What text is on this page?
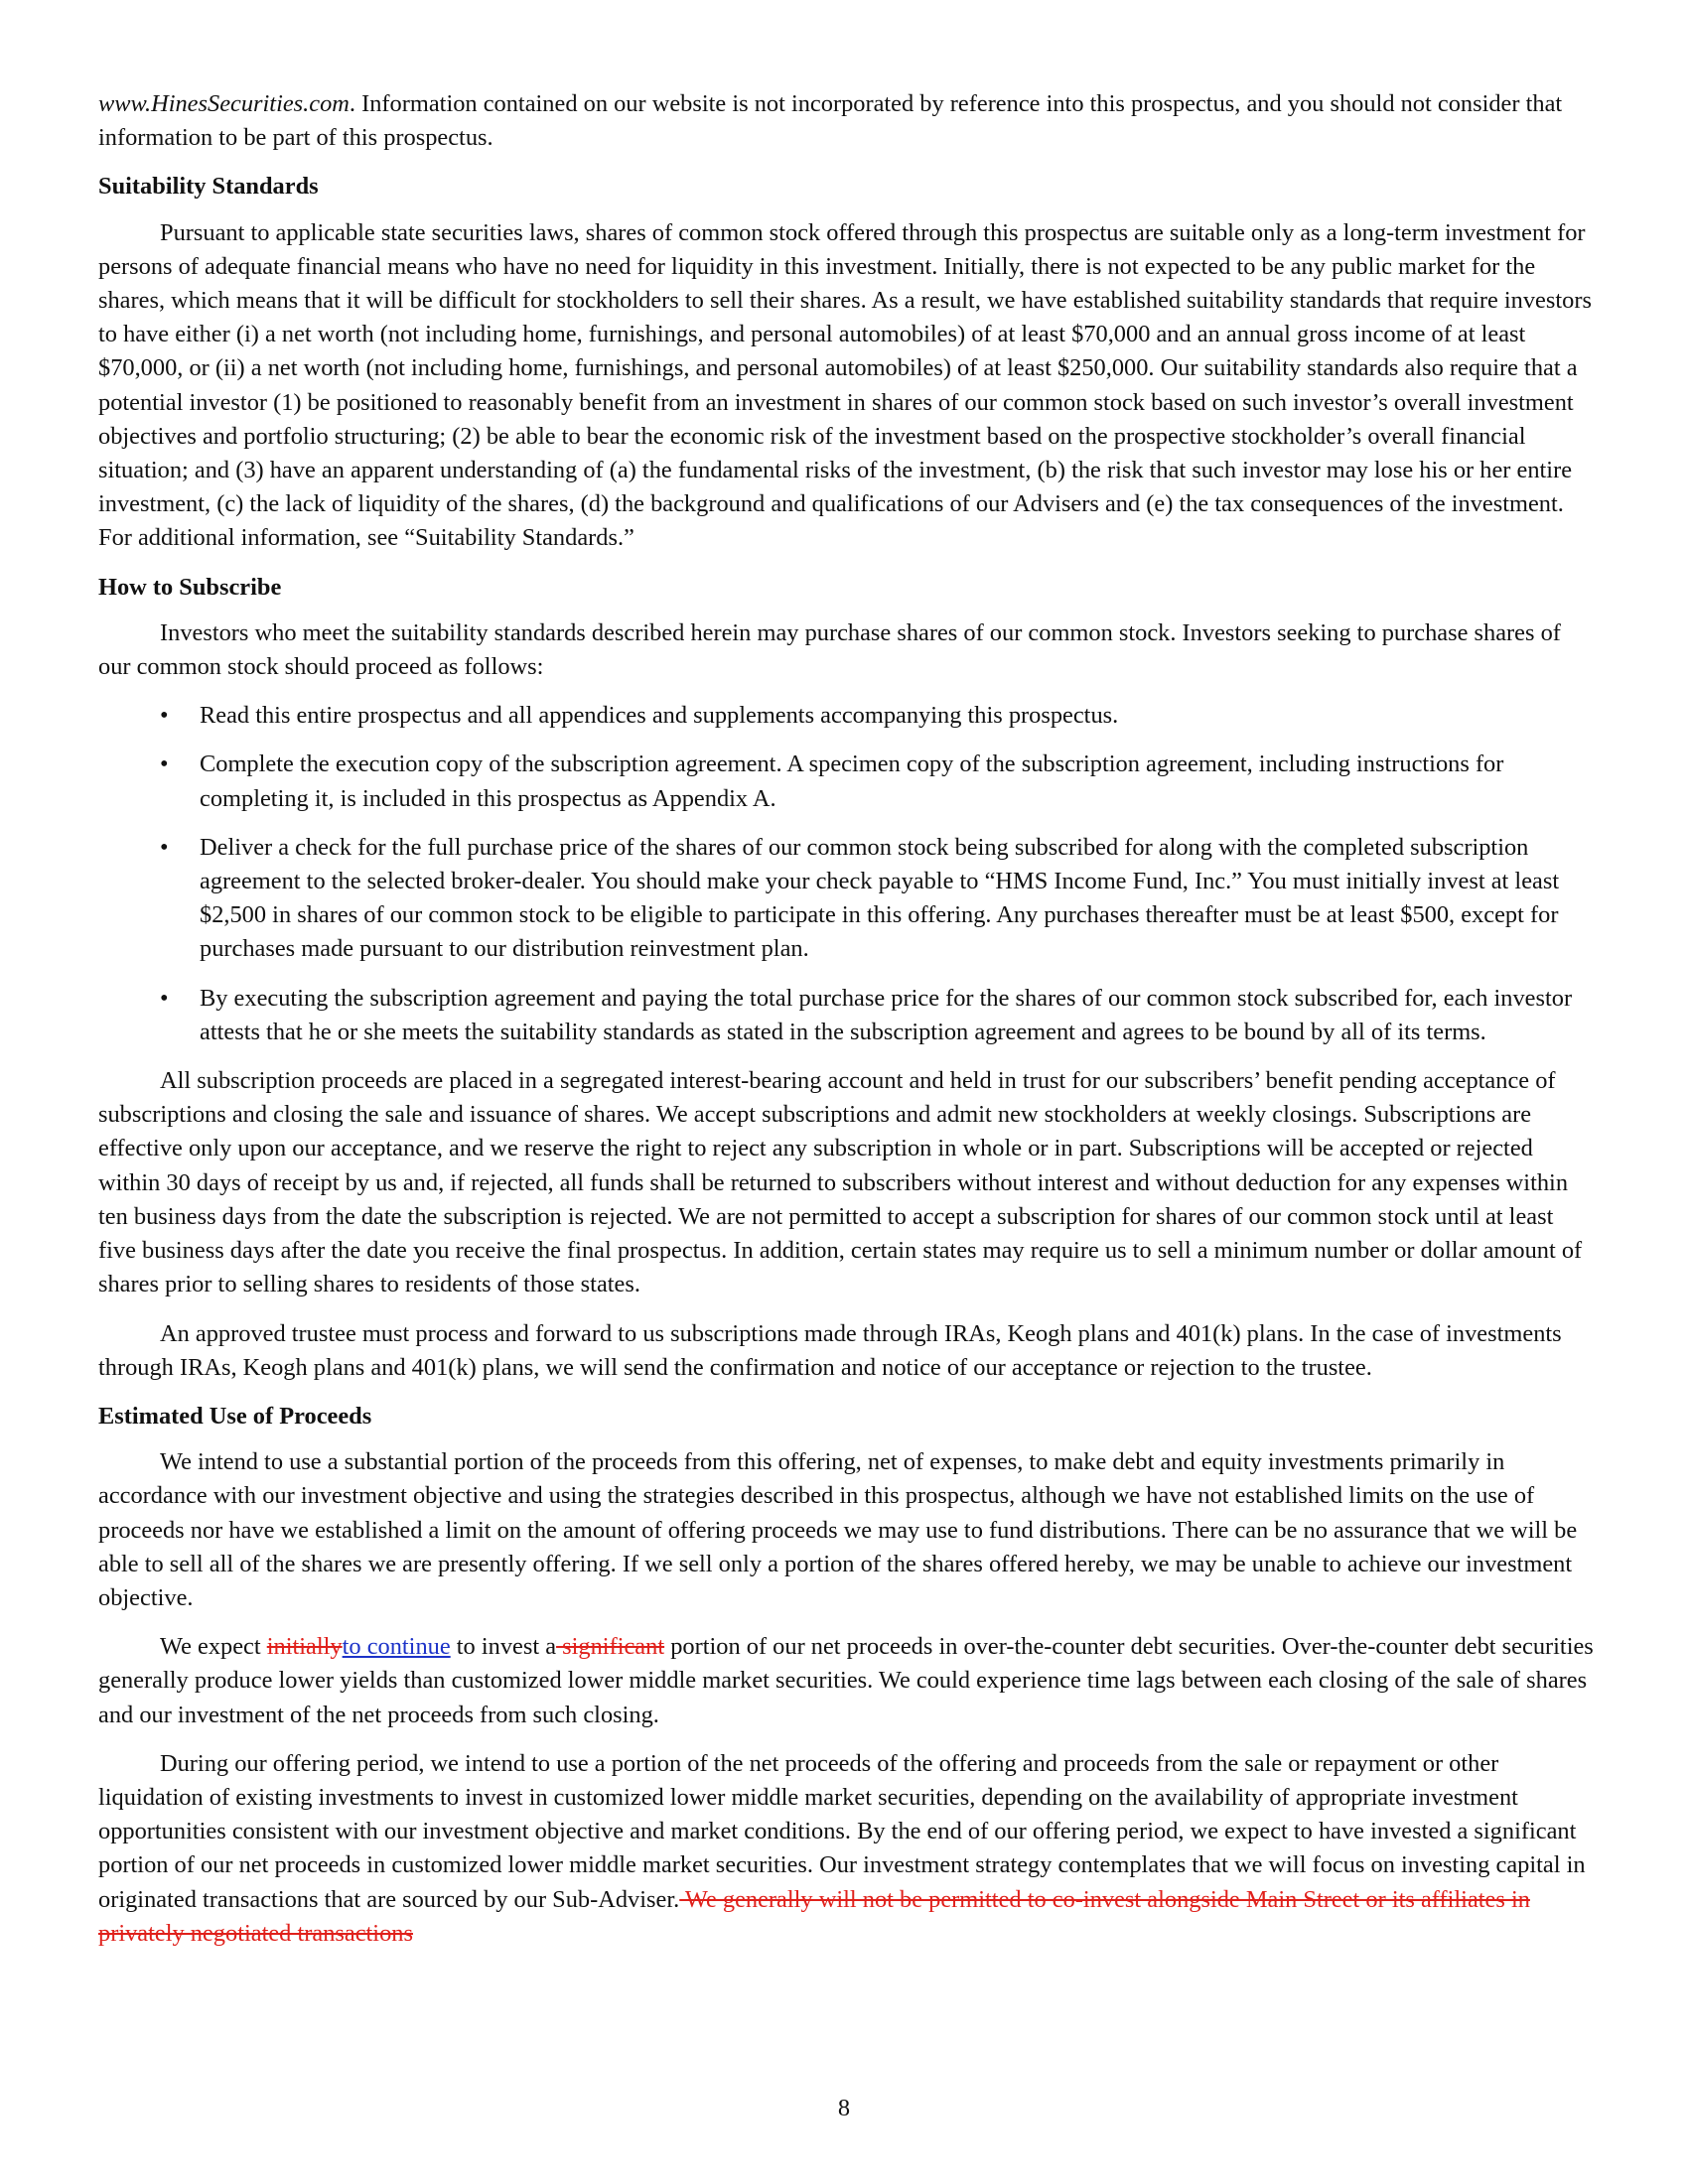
www.HinesSecurities.com. Information contained on our website is not incorporated by reference into this prospectus, and you should not consider that information to be part of this prospectus.

Suitability Standards

Pursuant to applicable state securities laws, shares of common stock offered through this prospectus are suitable only as a long-term investment for persons of adequate financial means who have no need for liquidity in this investment. Initially, there is not expected to be any public market for the shares, which means that it will be difficult for stockholders to sell their shares. As a result, we have established suitability standards that require investors to have either (i) a net worth (not including home, furnishings, and personal automobiles) of at least $70,000 and an annual gross income of at least $70,000, or (ii) a net worth (not including home, furnishings, and personal automobiles) of at least $250,000. Our suitability standards also require that a potential investor (1) be positioned to reasonably benefit from an investment in shares of our common stock based on such investor’s overall investment objectives and portfolio structuring; (2) be able to bear the economic risk of the investment based on the prospective stockholder’s overall financial situation; and (3) have an apparent understanding of (a) the fundamental risks of the investment, (b) the risk that such investor may lose his or her entire investment, (c) the lack of liquidity of the shares, (d) the background and qualifications of our Advisers and (e) the tax consequences of the investment. For additional information, see “Suitability Standards.”

How to Subscribe

Investors who meet the suitability standards described herein may purchase shares of our common stock. Investors seeking to purchase shares of our common stock should proceed as follows:

• Read this entire prospectus and all appendices and supplements accompanying this prospectus.
• Complete the execution copy of the subscription agreement. A specimen copy of the subscription agreement, including instructions for completing it, is included in this prospectus as Appendix A.
• Deliver a check for the full purchase price of the shares of our common stock being subscribed for along with the completed subscription agreement to the selected broker-dealer. You should make your check payable to “HMS Income Fund, Inc.” You must initially invest at least $2,500 in shares of our common stock to be eligible to participate in this offering. Any purchases thereafter must be at least $500, except for purchases made pursuant to our distribution reinvestment plan.
• By executing the subscription agreement and paying the total purchase price for the shares of our common stock subscribed for, each investor attests that he or she meets the suitability standards as stated in the subscription agreement and agrees to be bound by all of its terms.

All subscription proceeds are placed in a segregated interest-bearing account and held in trust for our subscribers’ benefit pending acceptance of subscriptions and closing the sale and issuance of shares. We accept subscriptions and admit new stockholders at weekly closings. Subscriptions are effective only upon our acceptance, and we reserve the right to reject any subscription in whole or in part. Subscriptions will be accepted or rejected within 30 days of receipt by us and, if rejected, all funds shall be returned to subscribers without interest and without deduction for any expenses within ten business days from the date the subscription is rejected. We are not permitted to accept a subscription for shares of our common stock until at least five business days after the date you receive the final prospectus. In addition, certain states may require us to sell a minimum number or dollar amount of shares prior to selling shares to residents of those states.

An approved trustee must process and forward to us subscriptions made through IRAs, Keogh plans and 401(k) plans. In the case of investments through IRAs, Keogh plans and 401(k) plans, we will send the confirmation and notice of our acceptance or rejection to the trustee.

Estimated Use of Proceeds

We intend to use a substantial portion of the proceeds from this offering, net of expenses, to make debt and equity investments primarily in accordance with our investment objective and using the strategies described in this prospectus, although we have not established limits on the use of proceeds nor have we established a limit on the amount of offering proceeds we may use to fund distributions. There can be no assurance that we will be able to sell all of the shares we are presently offering. If we sell only a portion of the shares offered hereby, we may be unable to achieve our investment objective.

We expect initiallyto continue to invest a significant portion of our net proceeds in over-the-counter debt securities. Over-the-counter debt securities generally produce lower yields than customized lower middle market securities. We could experience time lags between each closing of the sale of shares and our investment of the net proceeds from such closing.

During our offering period, we intend to use a portion of the net proceeds of the offering and proceeds from the sale or repayment or other liquidation of existing investments to invest in customized lower middle market securities, depending on the availability of appropriate investment opportunities consistent with our investment objective and market conditions. By the end of our offering period, we expect to have invested a significant portion of our net proceeds in customized lower middle market securities. Our investment strategy contemplates that we will focus on investing capital in originated transactions that are sourced by our Sub-Adviser. We generally will not be permitted to co-invest alongside Main Street or its affiliates in privately negotiated transactions

8
